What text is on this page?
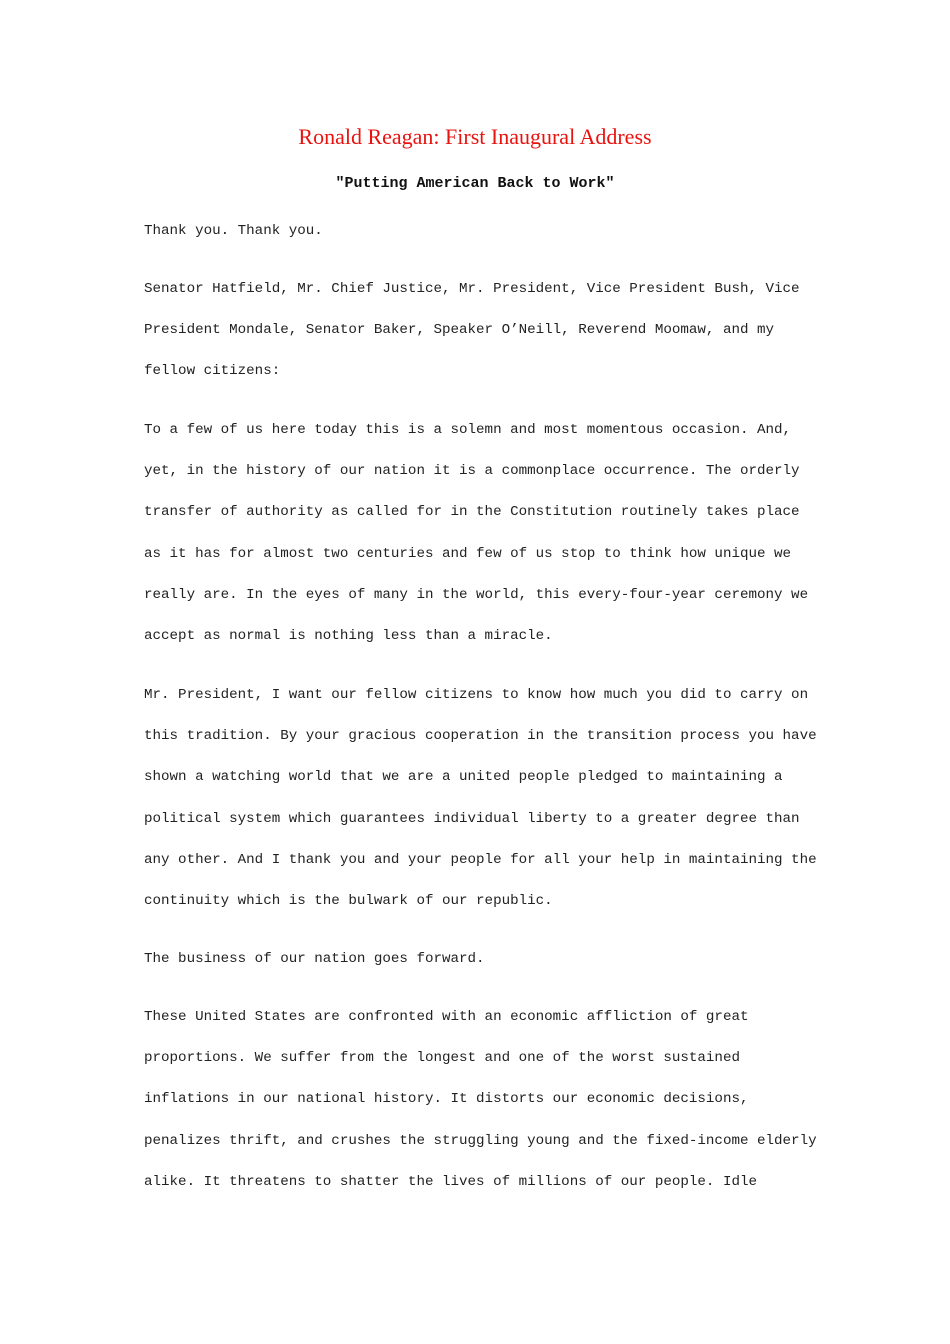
Ronald Reagan: First Inaugural Address
"Putting American Back to Work"
Thank you. Thank you.
Senator Hatfield, Mr. Chief Justice, Mr. President, Vice President Bush, Vice
President Mondale, Senator Baker, Speaker O’Neill, Reverend Moomaw, and my
fellow citizens:
To a few of us here today this is a solemn and most momentous occasion. And,
yet, in the history of our nation it is a commonplace occurrence. The orderly
transfer of authority as called for in the Constitution routinely takes place
as it has for almost two centuries and few of us stop to think how unique we
really are. In the eyes of many in the world, this every-four-year ceremony we
accept as normal is nothing less than a miracle.
Mr. President, I want our fellow citizens to know how much you did to carry on
this tradition. By your gracious cooperation in the transition process you have
shown a watching world that we are a united people pledged to maintaining a
political system which guarantees individual liberty to a greater degree than
any other. And I thank you and your people for all your help in maintaining the
continuity which is the bulwark of our republic.
The business of our nation goes forward.
These United States are confronted with an economic affliction of great
proportions. We suffer from the longest and one of the worst sustained
inflations in our national history. It distorts our economic decisions,
penalizes thrift, and crushes the struggling young and the fixed-income elderly
alike. It threatens to shatter the lives of millions of our people. Idle
